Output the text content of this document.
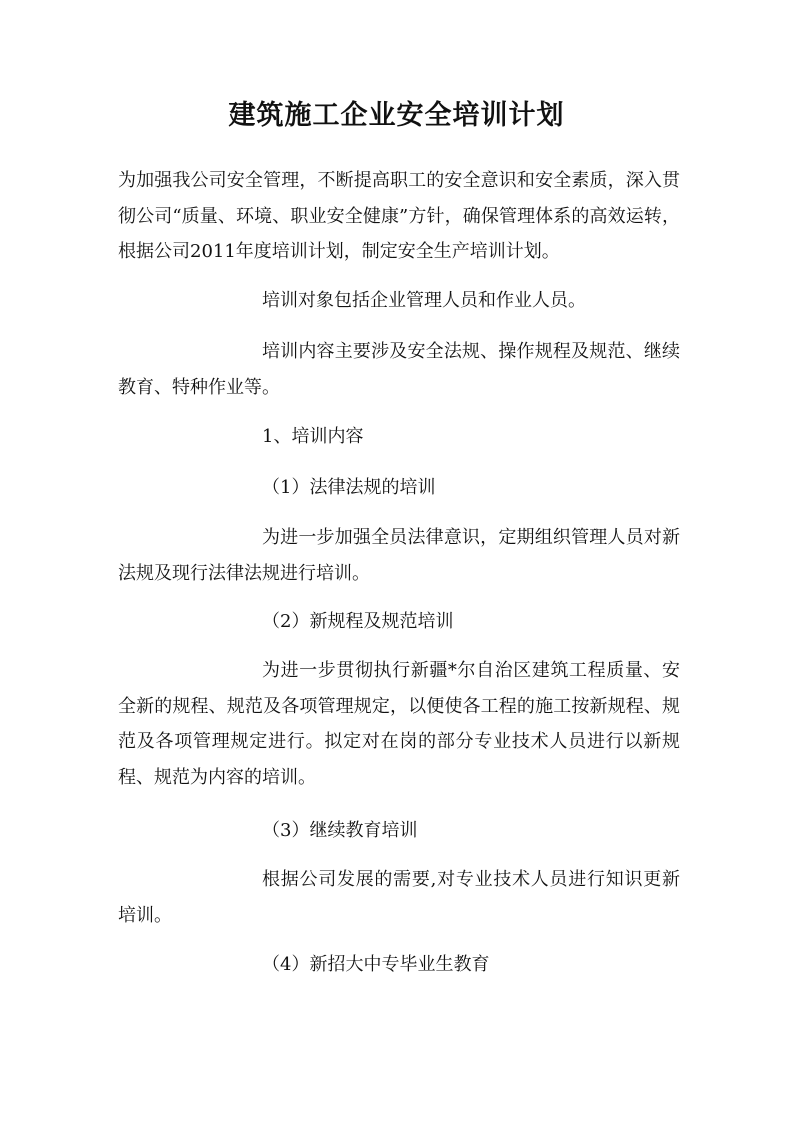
建筑施工企业安全培训计划
为加强我公司安全管理，不断提高职工的安全意识和安全素质，深入贯彻公司“质量、环境、职业安全健康”方针，确保管理体系的高效运转，根据公司2011年度培训计划，制定安全生产培训计划。
培训对象包括企业管理人员和作业人员。
培训内容主要涉及安全法规、操作规程及规范、继续教育、特种作业等。
1、培训内容
（1）法律法规的培训
为进一步加强全员法律意识，定期组织管理人员对新法规及现行法律法规进行培训。
（2）新规程及规范培训
为进一步贯彻执行新疆*尔自治区建筑工程质量、安全新的规程、规范及各项管理规定，以便使各工程的施工按新规程、规范及各项管理规定进行。拟定对在岗的部分专业技术人员进行以新规程、规范为内容的培训。
（3）继续教育培训
根据公司发展的需要,对专业技术人员进行知识更新培训。
（4）新招大中专毕业生教育
